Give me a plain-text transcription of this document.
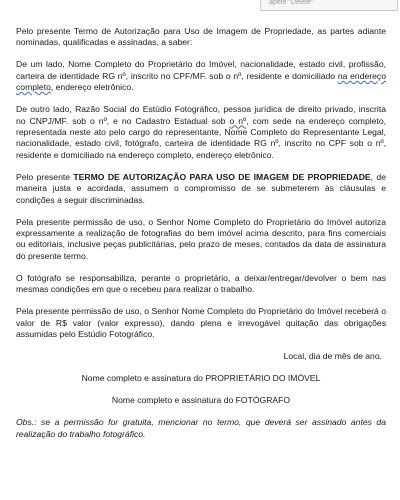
apete "Delete"

Pelo presente Termo de Autorização para Uso de Imagem de Propriedade, as partes adiante nominadas, qualificadas e assinadas, a saber:

De um lado, Nome Completo do Proprietário do Imóvel, nacionalidade, estado civil, profissão, carteira de identidade RG nº, inscrito no CPF/MF. sob o nº, residente e domiciliado na endereço completo, endereço eletrônico.

De outro lado, Razão Social do Estúdio Fotográfico, pessoa jurídica de direito privado, inscrita no CNPJ/MF. sob o nº, e no Cadastro Estadual sob o nº, com sede na endereço completo, representada neste ato pelo cargo do representante, Nome Completo do Representante Legal, nacionalidade, estado civil, fotógrafo, carteira de identidade RG nº, inscrito no CPF sob o nº, residente e domiciliado na endereço completo, endereço eletrônico.

Pelo presente TERMO DE AUTORIZAÇÃO PARA USO DE IMAGEM DE PROPRIEDADE, de maneira justa e acordada, assumem o compromisso de se submeterem às cláusulas e condições a seguir discriminadas.

Pela presente permissão de uso, o Senhor Nome Completo do Proprietário do Imóvel autoriza expressamente a realização de fotografias do bem imóvel acima descrito, para fins comerciais ou editoriais, inclusive peças publicitárias, pelo prazo de meses, contados da data de assinatura do presente termo.

O fotógrafo se responsabiliza, perante o proprietário, a deixar/entregar/devolver o bem nas mesmas condições em que o recebeu para realizar o trabalho.

Pela presente permissão de uso, o Senhor Nome Completo do Proprietário do Imóvel receberá o valor de R$ valor (valor expresso), dando plena e irrevogável quitação das obrigações assumidas pelo Estúdio Fotográfico.

Local, dia de mês de ano.

Nome completo e assinatura do PROPRIETÁRIO DO IMÓVEL

Nome completo e assinatura do FOTÓGRAFO

Obs.: se a permissão for gratuita, mencionar no termo, que deverá ser assinado antes da realização do trabalho fotográfico.
